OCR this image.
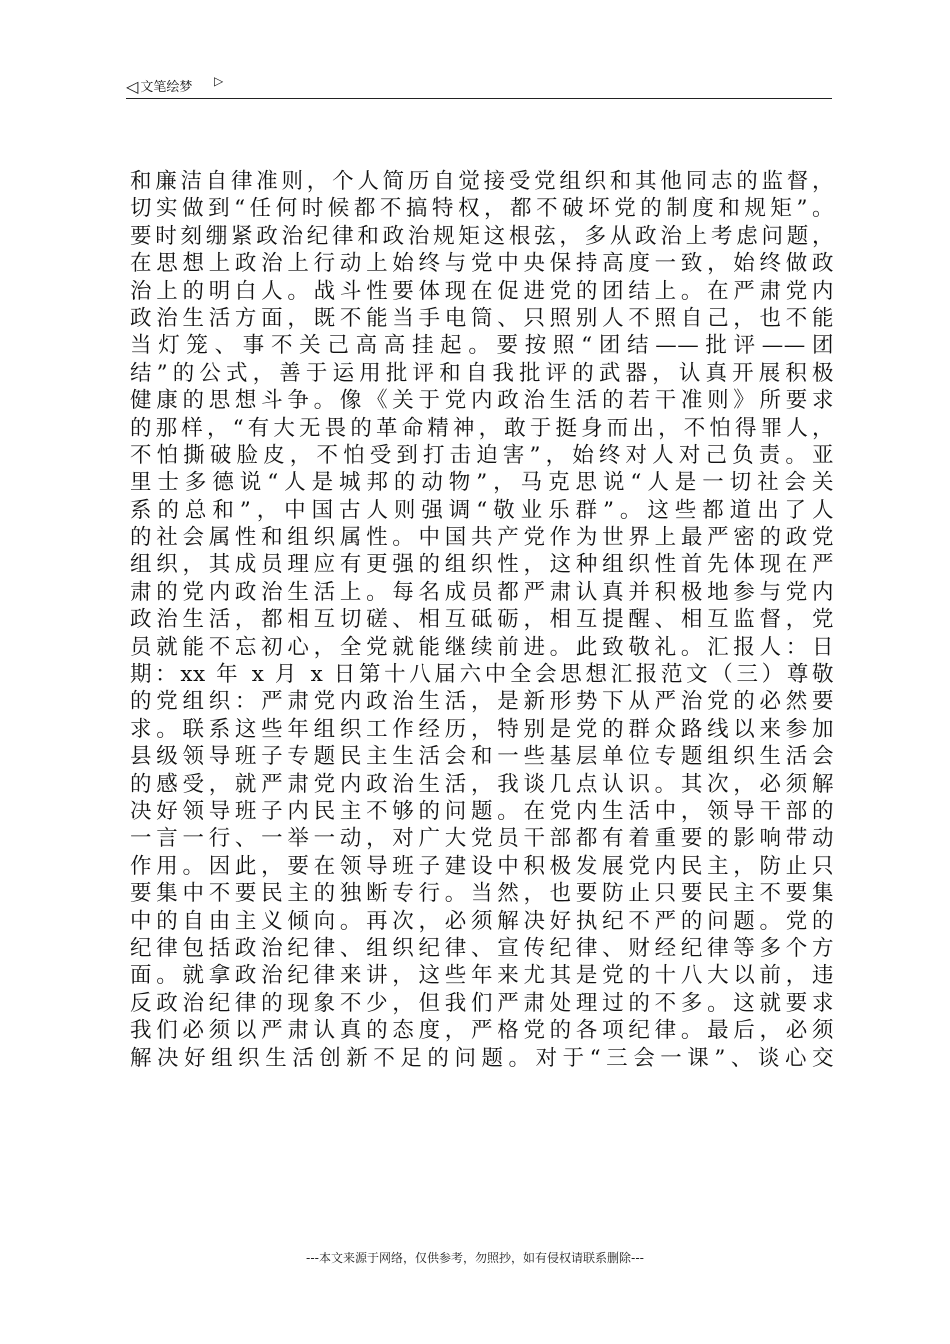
◁ 文笔绘梦 ▷
和廉洁自律准则，个人简历自觉接受党组织和其他同志的监督，
切实做到“任何时候都不搞特权，都不破坏党的制度和规矩”。
要时刻绷紧政治纪律和政治规矩这根弦，多从政治上考虑问题，
在思想上政治上行动上始终与党中央保持高度一致，始终做政
治上的明白人。战斗性要体现在促进党的团结上。在严肃党内
政治生活方面，既不能当手电筒、只照别人不照自己，也不能
当灯笼、事不关己高高挂起。要按照“团结——批评——团
结”的公式，善于运用批评和自我批评的武器，认真开展积极
健康的思想斗争。像《关于党内政治生活的若干准则》所要求
的那样，“有大无畏的革命精神，敢于挺身而出，不怕得罪人，
不怕撕破脸皮，不怕受到打击迫害”，始终对人对己负责。亚
里士多德说“人是城邦的动物”，马克思说“人是一切社会关
系的总和”，中国古人则强调“敬业乐群”。这些都道出了人
的社会属性和组织属性。中国共产党作为世界上最严密的政党
组织，其成员理应有更强的组织性，这种组织性首先体现在严
肃的党内政治生活上。每名成员都严肃认真并积极地参与党内
政治生活，都相互切磋、相互砥砺，相互提醒、相互监督，党
员就能不忘初心，全党就能继续前进。此致敬礼。汇报人：日
期：xx 年 x 月 x 日第十八届六中全会思想汇报范文（三）尊敬
的党组织：严肃党内政治生活，是新形势下从严治党的必然要
求。联系这些年组织工作经历，特别是党的群众路线以来参加
县级领导班子专题民主生活会和一些基层单位专题组织生活会
的感受，就严肃党内政治生活，我谈几点认识。其次，必须解
决好领导班子内民主不够的问题。在党内生活中，领导干部的
一言一行、一举一动，对广大党员干部都有着重要的影响带动
作用。因此，要在领导班子建设中积极发展党内民主，防止只
要集中不要民主的独断专行。当然，也要防止只要民主不要集
中的自由主义倾向。再次，必须解决好执纪不严的问题。党的
纪律包括政治纪律、组织纪律、宣传纪律、财经纪律等多个方
面。就拿政治纪律来讲，这些年来尤其是党的十八大以前，违
反政治纪律的现象不少，但我们严肃处理过的不多。这就要求
我们必须以严肃认真的态度，严格党的各项纪律。最后，必须
解决好组织生活创新不足的问题。对于“三会一课”、谈心交
---本文来源于网络，仅供参考，勿照抄，如有侵权请联系删除---
